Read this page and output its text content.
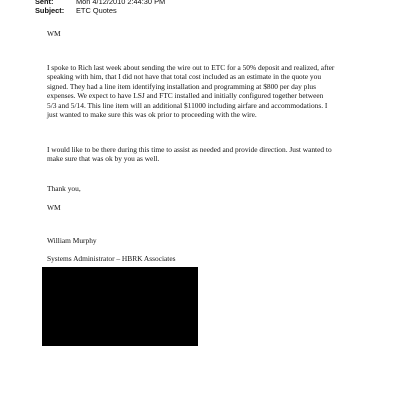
Sent:	Mon 4/12/2010 2:44:30 PM
Subject:	ETC Quotes
WM
I spoke to Rich last week about sending the wire out to ETC for a 50% deposit and realized, after
speaking with him, that I did not have that total cost included as an estimate in the quote you
signed. They had a line item identifying installation and programming at $800 per day plus
expenses. We expect to have LSJ and FTC installed and initially configured together between
5/3 and 5/14. This line item will an additional $11000 including airfare and accommodations. I
just wanted to make sure this was ok prior to proceeding with the wire.
I would like to be there during this time to assist as needed and provide direction. Just wanted to
make sure that was ok by you as well.
Thank you,
WM
William Murphy
Systems Administrator – HBRK Associates
